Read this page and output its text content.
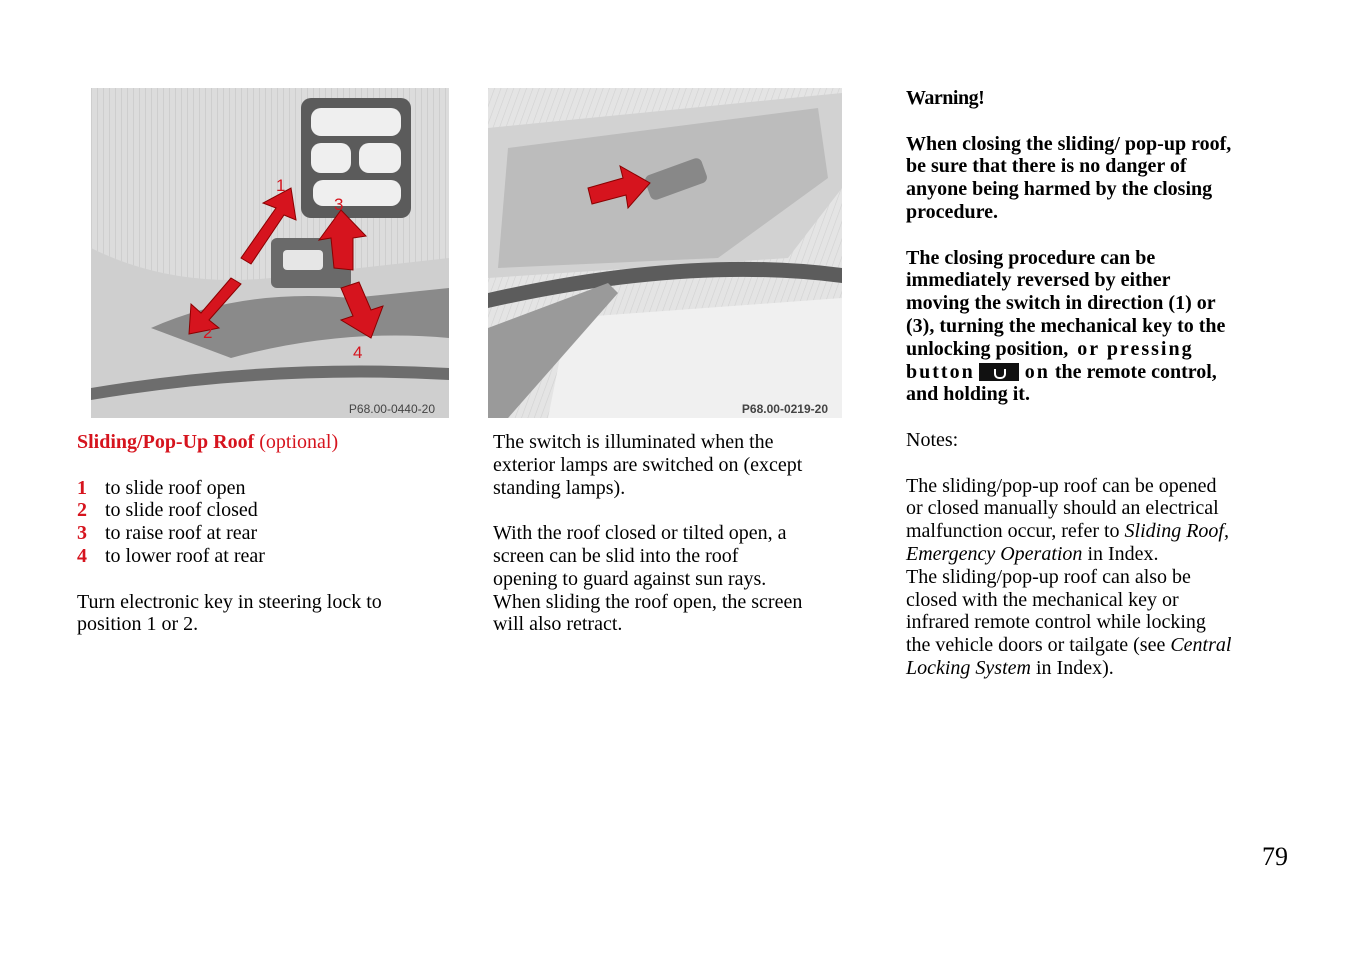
1
2
3
4
P68.00-0440-20	P68.00-0219-20

Sliding/Pop-Up Roof (optional)

1 to slide roof open
2 to slide roof closed
3 to raise roof at rear
4 to lower roof at rear

Turn electronic key in steering lock to
position 1 or 2.

The switch is illuminated when the
exterior lamps are switched on (except
standing lamps).

With the roof closed or tilted open, a
screen can be slid into the roof
opening to guard against sun rays.
When sliding the roof open, the screen
will also retract.

Warning!

When closing the sliding/ pop-up roof,
be sure that there is no danger of
anyone being harmed by the closing
procedure.

The closing procedure can be
immediately reversed by either
moving the switch in direction (1) or
(3), turning the mechanical key to the
unlocking position, or pressing
button	on the remote control,
and holding it.

Notes:

The sliding/pop-up roof can be opened
or closed manually should an electrical
malfunction occur, refer to Sliding Roof,
Emergency Operation in Index.
The sliding/pop-up roof can also be
closed with the mechanical key or
infrared remote control while locking
the vehicle doors or tailgate (see Central
Locking System in Index).

79
